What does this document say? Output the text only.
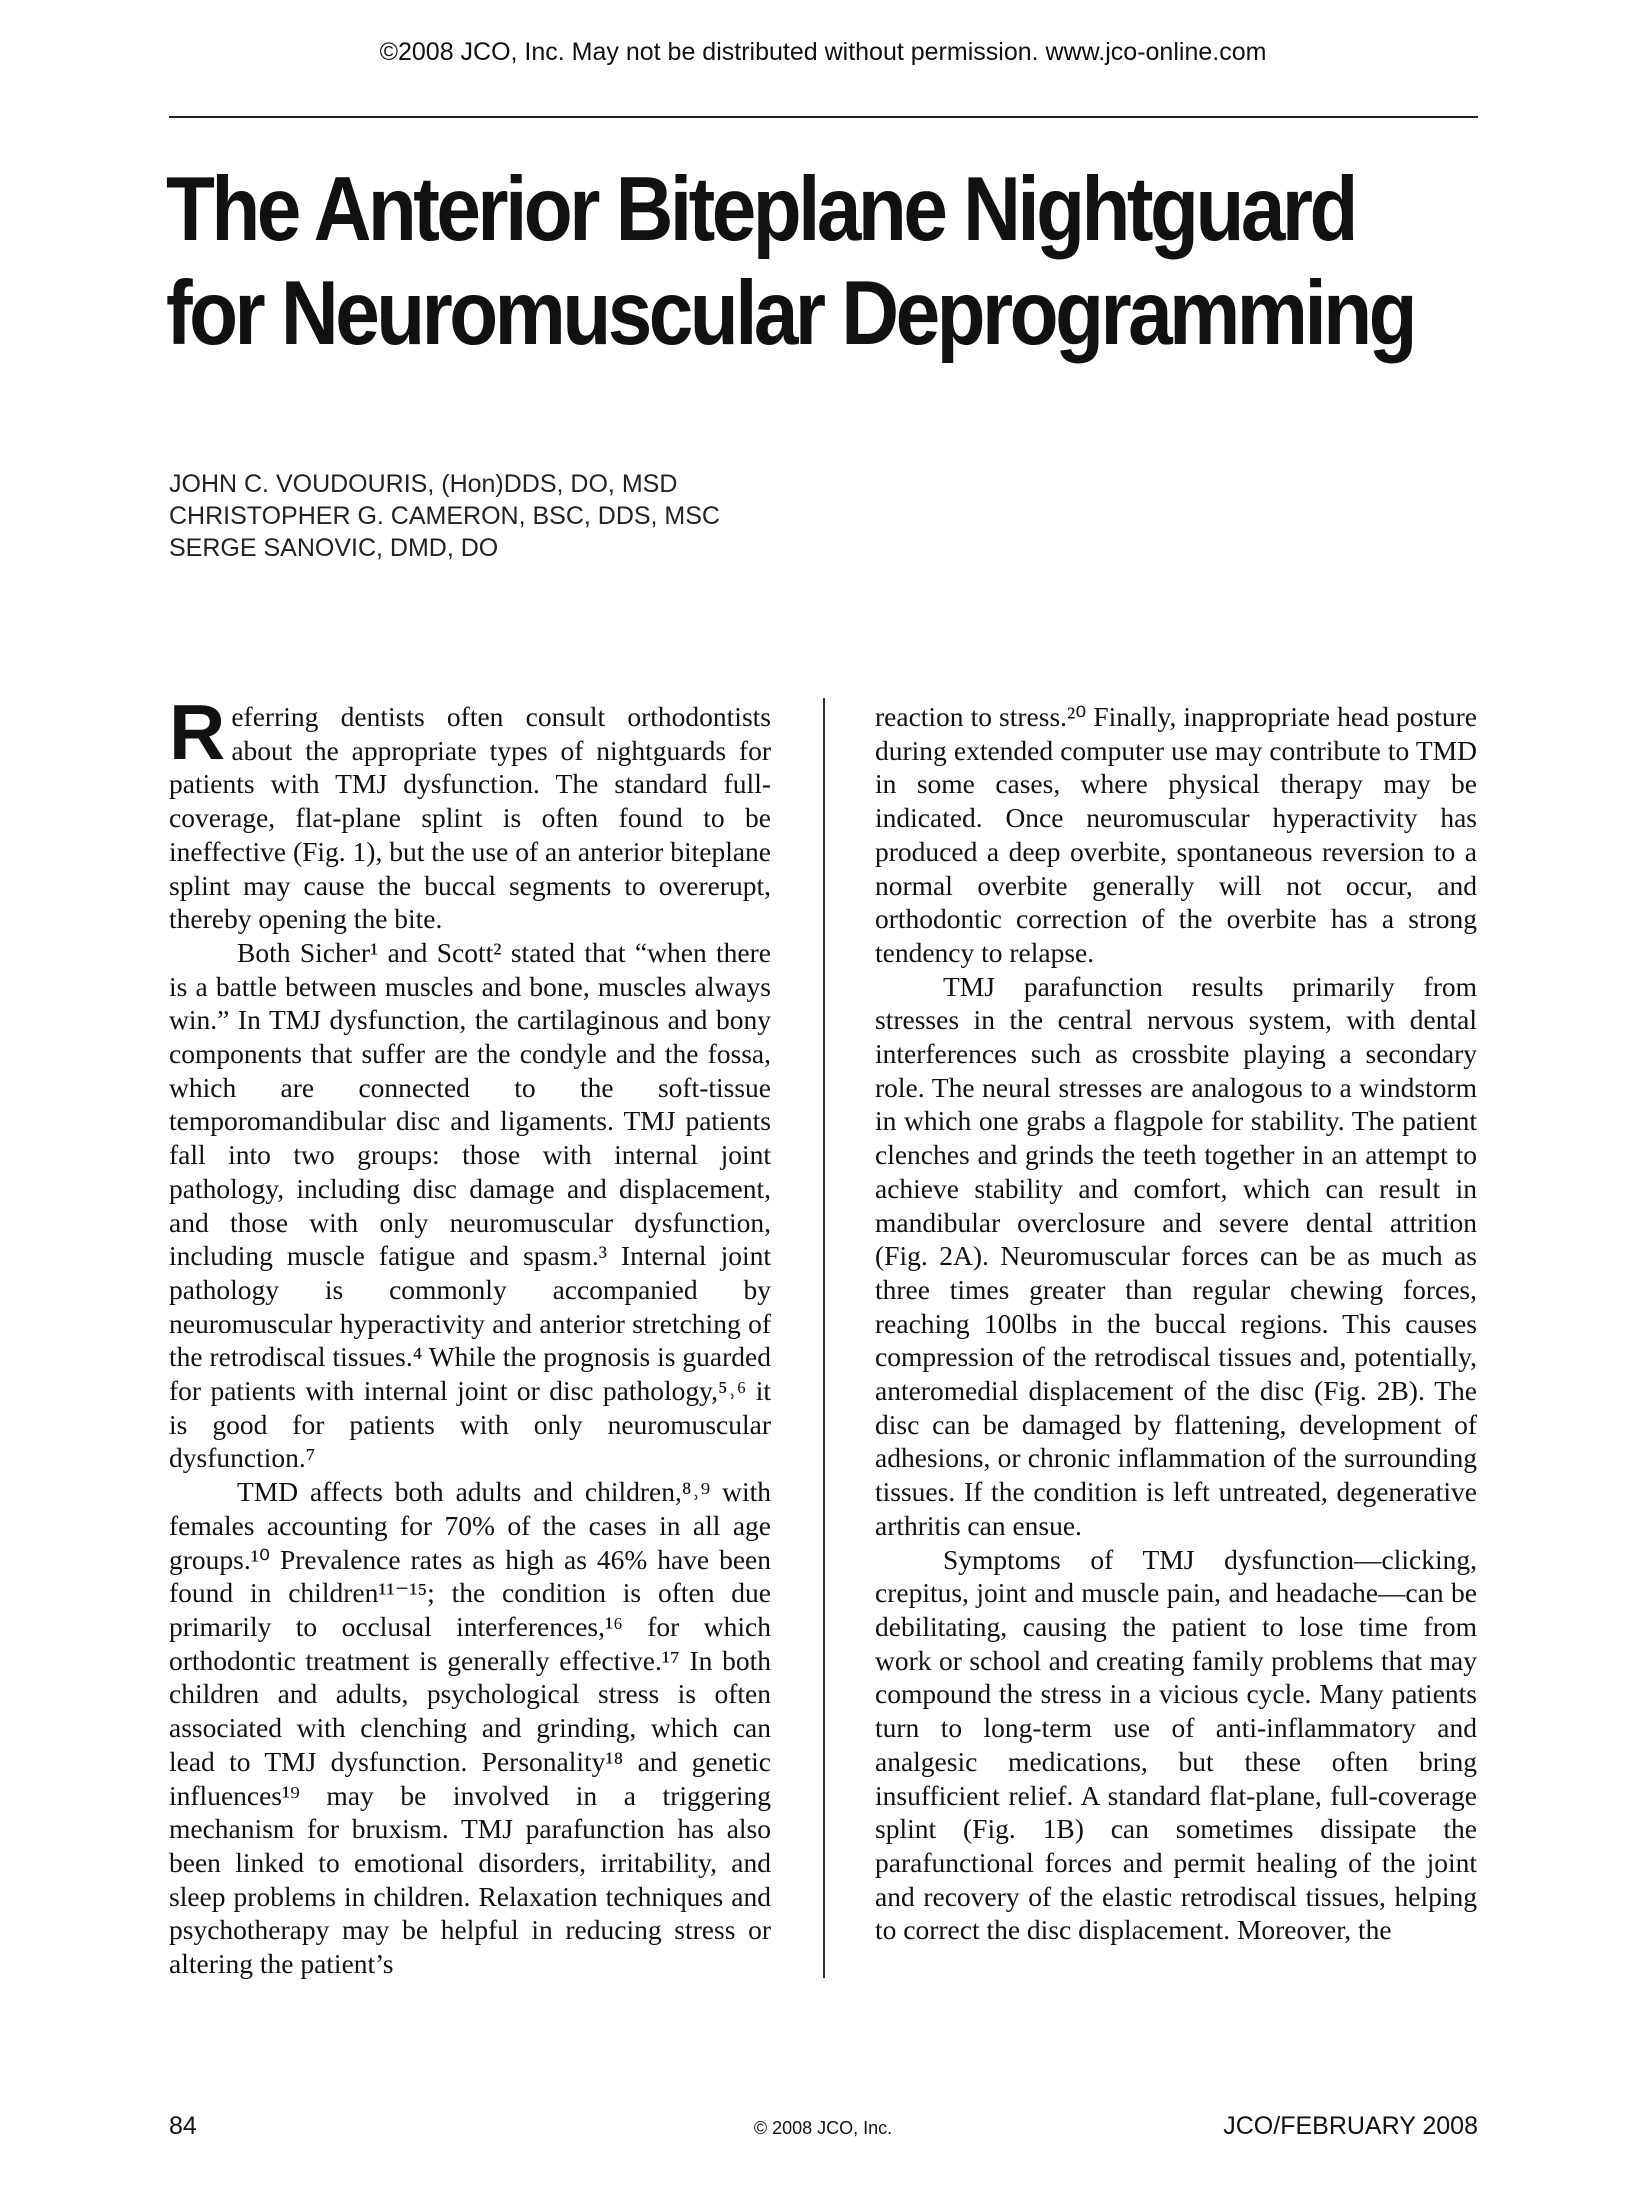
©2008 JCO, Inc. May not be distributed without permission. www.jco-online.com
The Anterior Biteplane Nightguard
for Neuromuscular Deprogramming
JOHN C. VOUDOURIS, (Hon)DDS, DO, MSD
CHRISTOPHER G. CAMERON, BSC, DDS, MSC
SERGE SANOVIC, DMD, DO

Referring dentists often consult orthodontists about the appropriate types of nightguards for patients with TMJ dysfunction. The standard full-coverage, flat-plane splint is often found to be ineffective (Fig. 1), but the use of an anterior biteplane splint may cause the buccal segments to overerupt, thereby opening the bite.

Both Sicher¹ and Scott² stated that “when there is a battle between muscles and bone, muscles always win.” In TMJ dysfunction, the cartilaginous and bony components that suffer are the condyle and the fossa, which are connected to the soft-tissue temporomandibular disc and ligaments. TMJ patients fall into two groups: those with internal joint pathology, including disc damage and displacement, and those with only neuromuscular dysfunction, including muscle fatigue and spasm.³ Internal joint pathology is commonly accompanied by neuromuscular hyperactivity and anterior stretching of the retrodiscal tissues.⁴ While the prognosis is guarded for patients with internal joint or disc pathology,⁵˒⁶ it is good for patients with only neuromuscular dysfunction.⁷

TMD affects both adults and children,⁸˒⁹ with females accounting for 70% of the cases in all age groups.¹⁰ Prevalence rates as high as 46% have been found in children¹¹⁻¹⁵; the condition is often due primarily to occlusal interferences,¹⁶ for which orthodontic treatment is generally effective.¹⁷ In both children and adults, psychological stress is often associated with clenching and grinding, which can lead to TMJ dysfunction. Personality¹⁸ and genetic influences¹⁹ may be involved in a triggering mechanism for bruxism. TMJ parafunction has also been linked to emotional disorders, irritability, and sleep problems in children. Relaxation techniques and psychotherapy may be helpful in reducing stress or altering the patient’s

reaction to stress.²⁰ Finally, inappropriate head posture during extended computer use may contribute to TMD in some cases, where physical therapy may be indicated. Once neuromuscular hyperactivity has produced a deep overbite, spontaneous reversion to a normal overbite generally will not occur, and orthodontic correction of the overbite has a strong tendency to relapse.

TMJ parafunction results primarily from stresses in the central nervous system, with dental interferences such as crossbite playing a secondary role. The neural stresses are analogous to a windstorm in which one grabs a flagpole for stability. The patient clenches and grinds the teeth together in an attempt to achieve stability and comfort, which can result in mandibular overclosure and severe dental attrition (Fig. 2A). Neuromuscular forces can be as much as three times greater than regular chewing forces, reaching 100lbs in the buccal regions. This causes compression of the retrodiscal tissues and, potentially, anteromedial displacement of the disc (Fig. 2B). The disc can be damaged by flattening, development of adhesions, or chronic inflammation of the surrounding tissues. If the condition is left untreated, degenerative arthritis can ensue.

Symptoms of TMJ dysfunction—clicking, crepitus, joint and muscle pain, and headache—can be debilitating, causing the patient to lose time from work or school and creating family problems that may compound the stress in a vicious cycle. Many patients turn to long-term use of anti-inflammatory and analgesic medications, but these often bring insufficient relief. A standard flat-plane, full-coverage splint (Fig. 1B) can sometimes dissipate the parafunctional forces and permit healing of the joint and recovery of the elastic retrodiscal tissues, helping to correct the disc displacement. Moreover, the

84	© 2008 JCO, Inc.	JCO/FEBRUARY 2008
